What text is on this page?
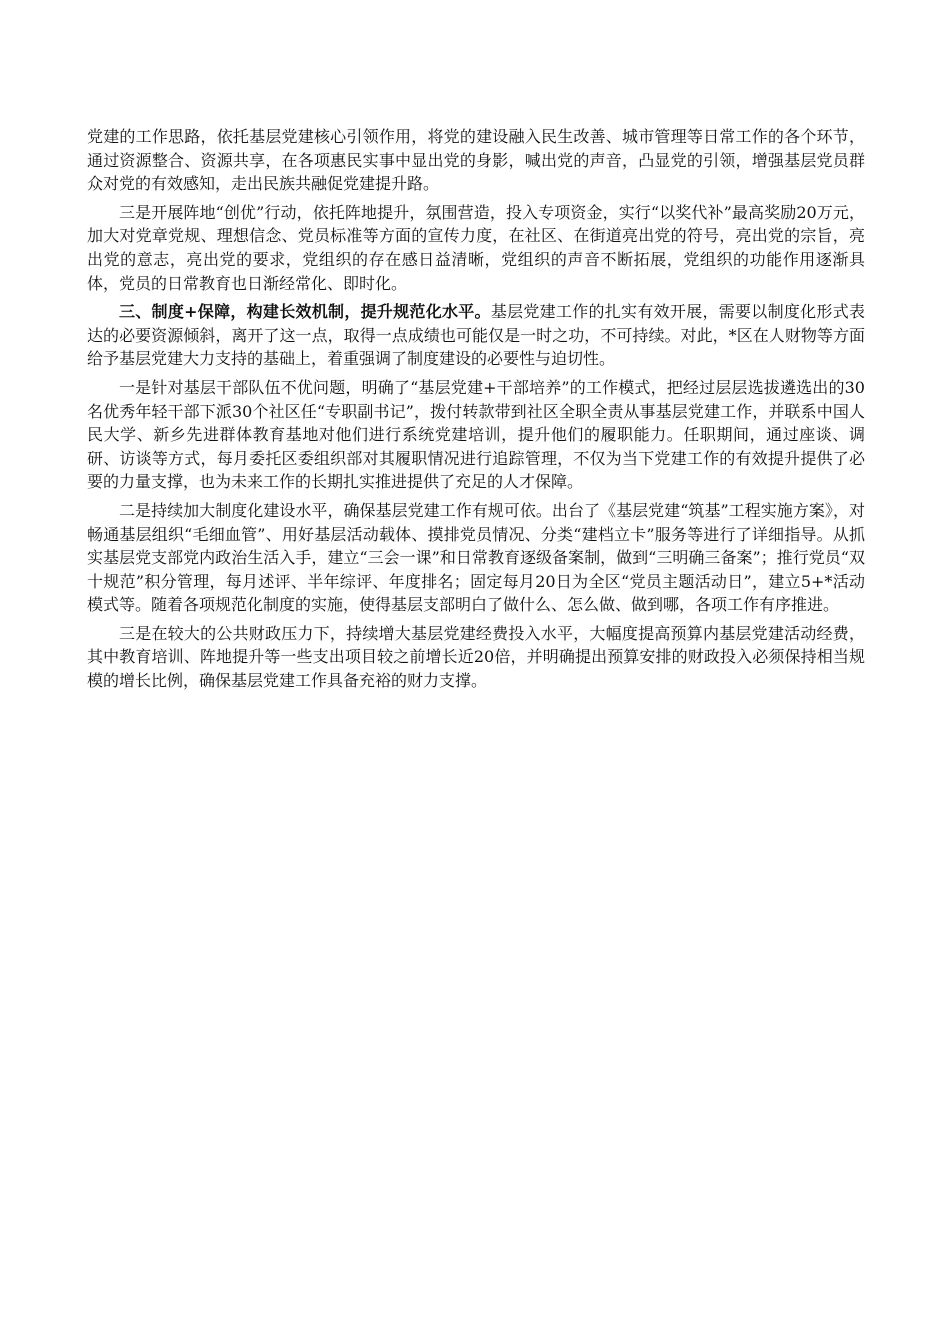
党建的工作思路，依托基层党建核心引领作用，将党的建设融入民生改善、城市管理等日常工作的各个环节，通过资源整合、资源共享，在各项惠民实事中显出党的身影，喊出党的声音，凸显党的引领，增强基层党员群众对党的有效感知，走出民族共融促党建提升路。

三是开展阵地“创优”行动，依托阵地提升，氛围营造，投入专项资金，实行“以奖代补”最高奖励20万元，加大对党章党规、理想信念、党员标准等方面的宣传力度，在社区、在街道亮出党的符号，亮出党的宗旨，亮出党的意志，亮出党的要求，党组织的存在感日益清晰，党组织的声音不断拓展，党组织的功能作用逐渐具体，党员的日常教育也日渐经常化、即时化。

三、制度+保障，构建长效机制，提升规范化水平。基层党建工作的扎实有效开展，需要以制度化形式表达的必要资源倾斜，离开了这一点，取得一点成绩也可能仅是一时之功，不可持续。对此，*区在人财物等方面给予基层党建大力支持的基础上，着重强调了制度建设的必要性与迫切性。

一是针对基层干部队伍不优问题，明确了“基层党建+干部培养”的工作模式，把经过层层选拔遴选出的30名优秀年轻干部下派30个社区任“专职副书记”，拨付转款带到社区全职全责从事基层党建工作，并联系中国人民大学、新乡先进群体教育基地对他们进行系统党建培训，提升他们的履职能力。任职期间，通过座谈、调研、访谈等方式，每月委托区委组织部对其履职情况进行追踪管理，不仅为当下党建工作的有效提升提供了必要的力量支撑，也为未来工作的长期扎实推进提供了充足的人才保障。

二是持续加大制度化建设水平，确保基层党建工作有规可依。出台了《基层党建“筑基”工程实施方案》，对畅通基层组织“毛细血管”、用好基层活动载体、摸排党员情况、分类“建档立卡”服务等进行了详细指导。从抓实基层党支部党内政治生活入手，建立“三会一课”和日常教育逐级备案制，做到“三明确三备案”；推行党员“双十规范”积分管理，每月述评、半年综评、年度排名；固定每月20日为全区“党员主题活动日”，建立5+*活动模式等。随着各项规范化制度的实施，使得基层支部明白了做什么、怎么做、做到哪，各项工作有序推进。

三是在较大的公共财政压力下，持续增大基层党建经费投入水平，大幅度提高预算内基层党建活动经费，其中教育培训、阵地提升等一些支出项目较之前增长近20倍，并明确提出预算安排的财政投入必须保持相当规模的增长比例，确保基层党建工作具备充裕的财力支撑。
